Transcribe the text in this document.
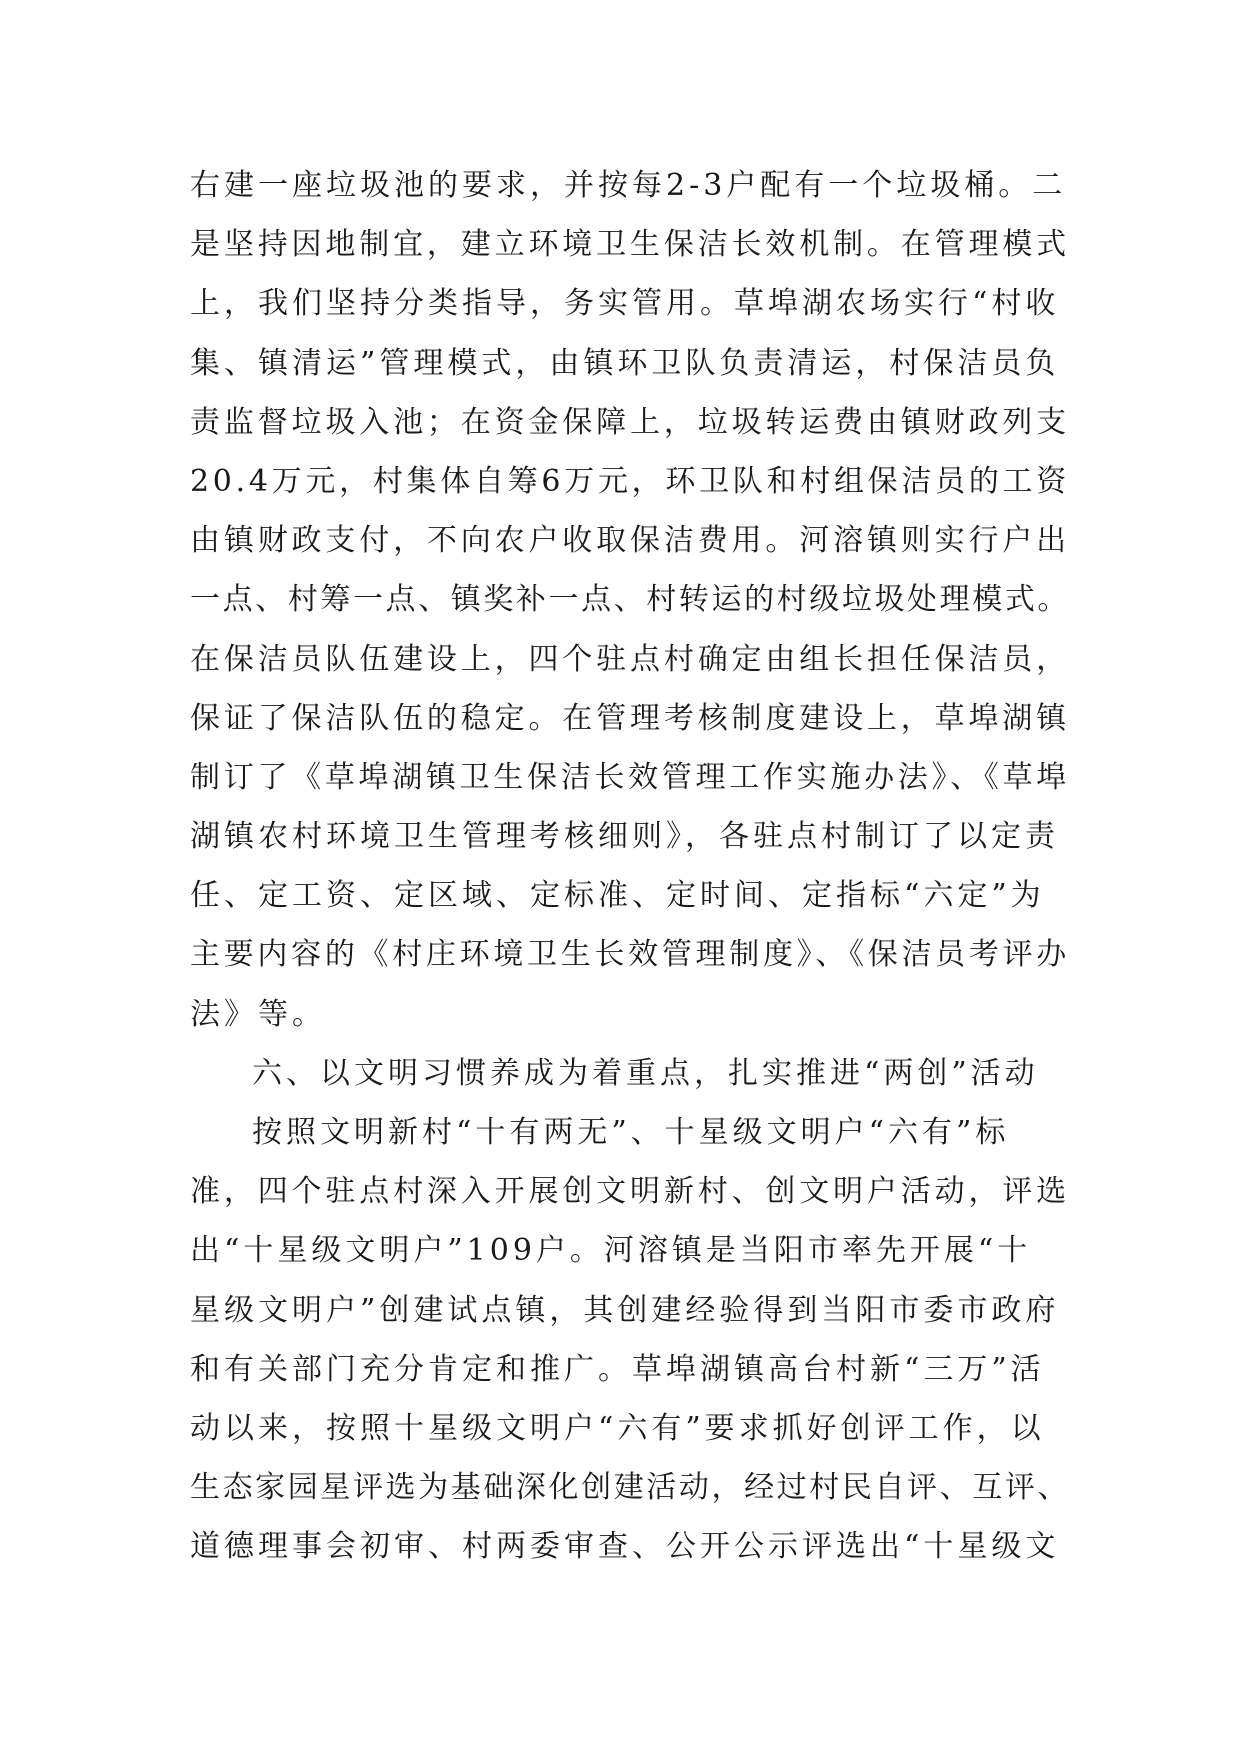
右建一座垃圾池的要求，并按每2-3户配有一个垃圾桶。二
是坚持因地制宜，建立环境卫生保洁长效机制。在管理模式
上，我们坚持分类指导，务实管用。草埠湖农场实行“村收
集、镇清运”管理模式，由镇环卫队负责清运，村保洁员负
责监督垃圾入池；在资金保障上，垃圾转运费由镇财政列支
20.4万元，村集体自筹6万元，环卫队和村组保洁员的工资
由镇财政支付，不向农户收取保洁费用。河溶镇则实行户出
一点、村筹一点、镇奖补一点、村转运的村级垃圾处理模式。
在保洁员队伍建设上，四个驻点村确定由组长担任保洁员，
保证了保洁队伍的稳定。在管理考核制度建设上，草埠湖镇
制订了《草埠湖镇卫生保洁长效管理工作实施办法》、《草埠
湖镇农村环境卫生管理考核细则》，各驻点村制订了以定责
任、定工资、定区域、定标准、定时间、定指标“六定”为
主要内容的《村庄环境卫生长效管理制度》、《保洁员考评办
法》等。
六、以文明习惯养成为着重点，扎实推进“两创”活动
按照文明新村“十有两无”、十星级文明户“六有”标
准，四个驻点村深入开展创文明新村、创文明户活动，评选
出“十星级文明户”109户。河溶镇是当阳市率先开展“十
星级文明户”创建试点镇，其创建经验得到当阳市委市政府
和有关部门充分肯定和推广。草埠湖镇高台村新“三万”活
动以来，按照十星级文明户“六有”要求抓好创评工作，以
生态家园星评选为基础深化创建活动，经过村民自评、互评、
道德理事会初审、村两委审查、公开公示评选出“十星级文
